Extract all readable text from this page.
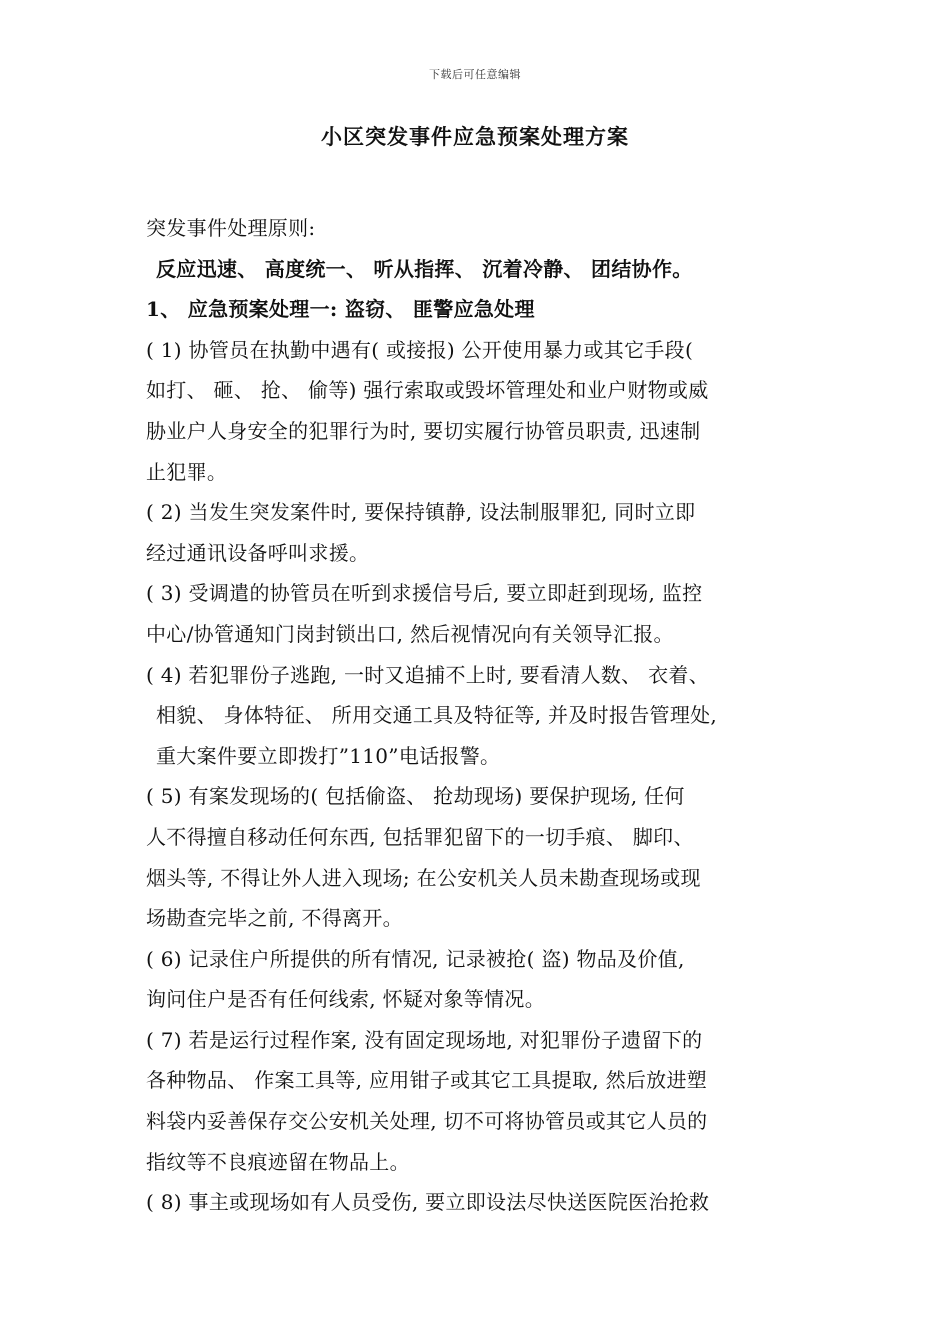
下载后可任意编辑
小区突发事件应急预案处理方案
突发事件处理原则:
反应迅速、 高度统一、 听从指挥、 沉着冷静、 团结协作。
1、 应急预案处理一: 盗窃、 匪警应急处理
( 1) 协管员在执勤中遇有( 或接报) 公开使用暴力或其它手段(
如打、 砸、 抢、 偷等) 强行索取或毁坏管理处和业户财物或威
胁业户人身安全的犯罪行为时, 要切实履行协管员职责, 迅速制
止犯罪。
( 2) 当发生突发案件时, 要保持镇静, 设法制服罪犯, 同时立即
经过通讯设备呼叫求援。
( 3) 受调遣的协管员在听到求援信号后, 要立即赶到现场, 监控
中心/协管通知门岗封锁出口, 然后视情况向有关领导汇报。
( 4) 若犯罪份子逃跑, 一时又追捕不上时, 要看清人数、 衣着、
相貌、 身体特征、 所用交通工具及特征等, 并及时报告管理处,
重大案件要立即拨打”110”电话报警。
( 5) 有案发现场的( 包括偷盗、 抢劫现场) 要保护现场, 任何
人不得擅自移动任何东西, 包括罪犯留下的一切手痕、 脚印、
烟头等, 不得让外人进入现场; 在公安机关人员未勘查现场或现
场勘查完毕之前, 不得离开。
( 6) 记录住户所提供的所有情况, 记录被抢( 盗) 物品及价值,
询问住户是否有任何线索, 怀疑对象等情况。
( 7) 若是运行过程作案, 没有固定现场地, 对犯罪份子遗留下的
各种物品、 作案工具等, 应用钳子或其它工具提取, 然后放进塑
料袋内妥善保存交公安机关处理, 切不可将协管员或其它人员的
指纹等不良痕迹留在物品上。
( 8) 事主或现场如有人员受伤, 要立即设法尽快送医院医治抢救
